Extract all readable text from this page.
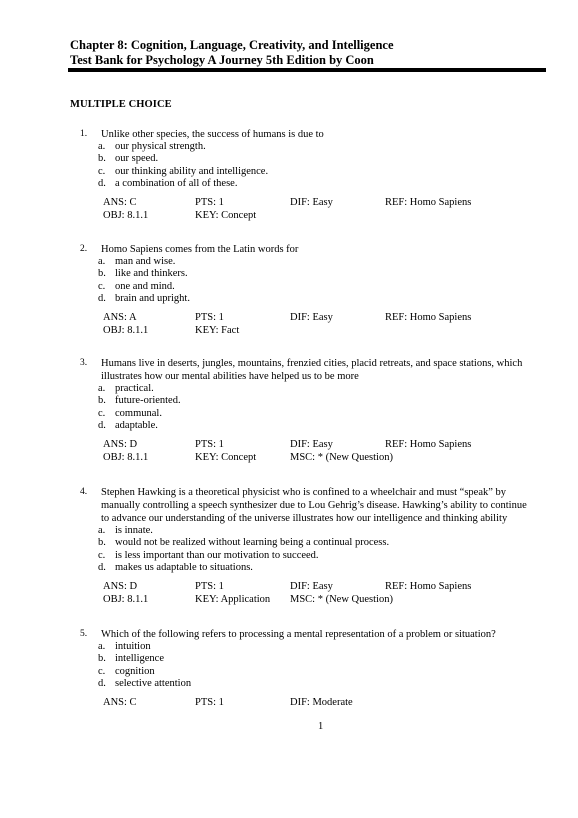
Chapter 8: Cognition, Language, Creativity, and Intelligence
Test Bank for Psychology A Journey 5th Edition by Coon
MULTIPLE CHOICE
1.	Unlike other species, the success of humans is due to
a. our physical strength.
b. our speed.
c. our thinking ability and intelligence.
d. a combination of all of these.
ANS: C	PTS: 1	DIF: Easy	REF: Homo Sapiens
OBJ: 8.1.1	KEY: Concept
2.	Homo Sapiens comes from the Latin words for
a. man and wise.
b. like and thinkers.
c. one and mind.
d. brain and upright.
ANS: A	PTS: 1	DIF: Easy	REF: Homo Sapiens
OBJ: 8.1.1	KEY: Fact
3.	Humans live in deserts, jungles, mountains, frenzied cities, placid retreats, and space stations, which
illustrates how our mental abilities have helped us to be more
a. practical.
b. future-oriented.
c. communal.
d. adaptable.
ANS: D	PTS: 1	DIF: Easy	REF: Homo Sapiens
OBJ: 8.1.1	KEY: Concept	MSC: * (New Question)
4.	Stephen Hawking is a theoretical physicist who is confined to a wheelchair and must “speak” by
manually controlling a speech synthesizer due to Lou Gehrig’s disease. Hawking’s ability to continue
to advance our understanding of the universe illustrates how our intelligence and thinking ability
a. is innate.
b. would not be realized without learning being a continual process.
c. is less important than our motivation to succeed.
d. makes us adaptable to situations.
ANS: D	PTS: 1	DIF: Easy	REF: Homo Sapiens
OBJ: 8.1.1	KEY: Application MSC: * (New Question)
5.	Which of the following refers to processing a mental representation of a problem or situation?
a. intuition
b. intelligence
c. cognition
d. selective attention
ANS: C	PTS: 1	DIF: Moderate
1
